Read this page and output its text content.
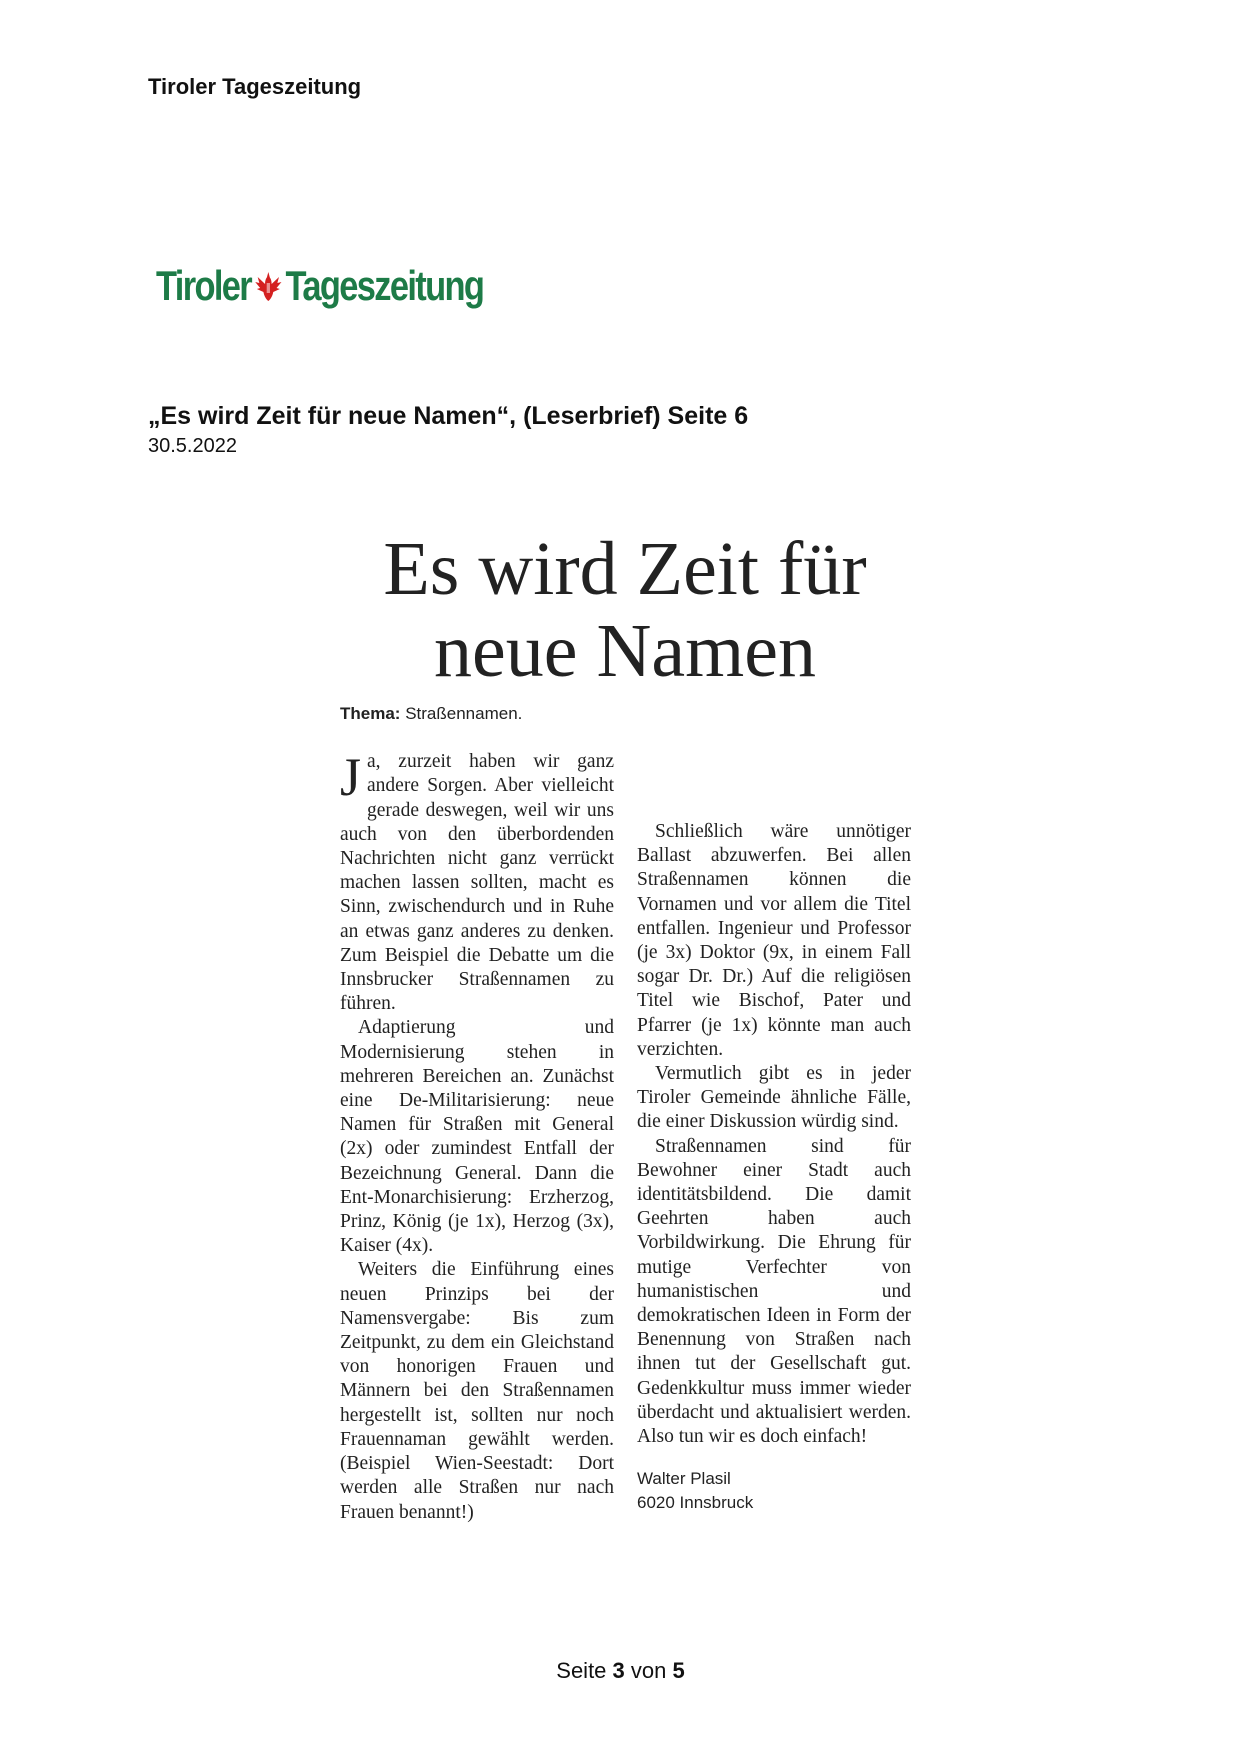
Tiroler Tageszeitung
Tiroler Tageszeitung
„Es wird Zeit für neue Namen“, (Leserbrief) Seite 6
30.5.2022
Es wird Zeit für
neue Namen

Thema: Straßennamen.

Ja, zurzeit haben wir ganz andere Sorgen. Aber vielleicht gerade deswegen, weil wir uns auch von den überbordenden Nachrichten nicht ganz verrückt machen lassen sollten, macht es Sinn, zwischendurch und in Ruhe an etwas ganz anderes zu denken. Zum Beispiel die Debatte um die Innsbrucker Straßennamen zu führen.

Adaptierung und Modernisierung stehen in mehreren Bereichen an. Zunächst eine De-Militarisierung: neue Namen für Straßen mit General (2x) oder zumindest Entfall der Bezeichnung General. Dann die Ent-Monarchisierung: Erzherzog, Prinz, König (je 1x), Herzog (3x), Kaiser (4x).

Weiters die Einführung eines neuen Prinzips bei der Namensvergabe: Bis zum Zeitpunkt, zu dem ein Gleichstand von honorigen Frauen und Männern bei den Straßennamen hergestellt ist, sollten nur noch Frauennaman gewählt werden. (Beispiel Wien-Seestadt: Dort werden alle Straßen nur nach Frauen benannt!)

Schließlich wäre unnötiger Ballast abzuwerfen. Bei allen Straßennamen können die Vornamen und vor allem die Titel entfallen. Ingenieur und Professor (je 3x) Doktor (9x, in einem Fall sogar Dr. Dr.) Auf die religiösen Titel wie Bischof, Pater und Pfarrer (je 1x) könnte man auch verzichten.

Vermutlich gibt es in jeder Tiroler Gemeinde ähnliche Fälle, die einer Diskussion würdig sind.

Straßennamen sind für Bewohner einer Stadt auch identitätsbildend. Die damit Geehrten haben auch Vorbildwirkung. Die Ehrung für mutige Verfechter von humanistischen und demokratischen Ideen in Form der Benennung von Straßen nach ihnen tut der Gesellschaft gut. Gedenkkultur muss immer wieder überdacht und aktualisiert werden. Also tun wir es doch einfach!

Walter Plasil
6020 Innsbruck

Seite 3 von 5
